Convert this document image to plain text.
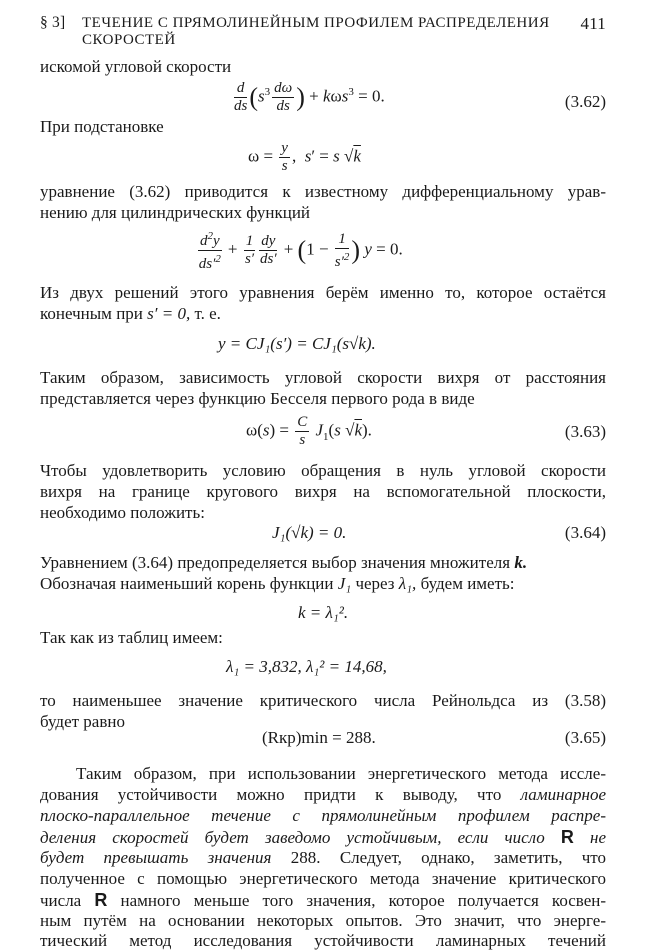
§ 3] ТЕЧЕНИЕ С ПРЯМОЛИНЕЙНЫМ ПРОФИЛЕМ РАСПРЕДЕЛЕНИЯ СКОРОСТЕЙ
411
искомой угловой скорости
$\frac{d}{ds} (s^3 \frac{d\omega}{ds}$ ) + kωs$^3$ = 0.	(3.62)
При подстановке
$\omega = \frac{y}{s}$ ,  s′ = s √k
уравнение (3.62) приводится к известному дифференциальному урав-
нению для цилиндрических функций
$\frac{d^2y}{ds'^2} + \frac{1}{s'} \frac{dy}{ds'} + (1 - \frac{1}{s'^2}$ ) y = 0.
Из двух решений этого уравнения берём именно то, которое остаётся
конечным при s′ = 0, т. е.
y = CJ₁(s′) = CJ₁(s√k).
Таким образом, зависимость угловой скорости вихря от расстояния
представляется через функцию Бесселя первого рода в виде
$\omega(s) = \frac{C}{s} J_1(s$ √k).	(3.63)
Чтобы удовлетворить условию обращения в нуль угловой скорости
вихря на границе кругового вихря на вспомогательной плоскости,
необходимо положить:
J₁(√k) = 0.	(3.64)
Уравнением (3.64) предопределяется выбор значения множителя k.
Обозначая наименьший корень функции J₁ через λ₁, будем иметь:
k = λ₁².
Так как из таблиц имеем:
λ₁ = 3,832, λ₁² = 14,68,
то наименьшее значение критического числа Рейнольдса из (3.58)
будет равно
(Rкр)min = 288.	(3.65)
Таким образом, при использовании энергетического метода иссле-
дования устойчивости можно придти к выводу, что ламинарное
плоско-параллельное течение с прямолинейным профилем распре-
деления скоростей будет заведомо устойчивым, если число R не
будет превышать значения 288. Следует, однако, заметить, что
полученное с помощью энергетического метода значение критического
числа R намного меньше того значения, которое получается косвен-
ным путём на основании некоторых опытов. Это значит, что энерге-
тический метод исследования устойчивости ламинарных течений
